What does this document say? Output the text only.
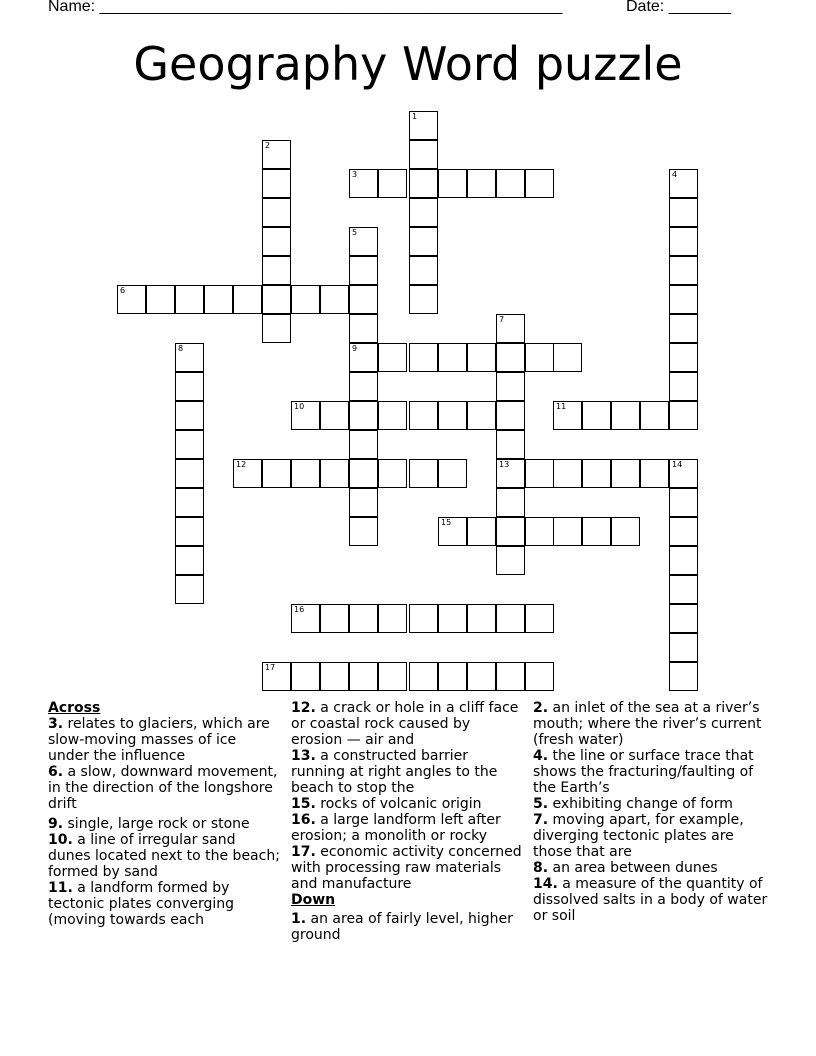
Name: ____________________________________________________	Date: _______
Geography Word puzzle
1
2
3	4
5
9
6
7
13
8
10	11
12	14
15
16
17
Across

3. relates to glaciers, which are slow-moving masses of ice under the influence

6. a slow, downward movement, in the direction of the longshore drift

9. single, large rock or stone

10. a line of irregular sand dunes located next to the beach; formed by sand

11. a landform formed by tectonic plates converging (moving towards each

12. a crack or hole in a cliff face or coastal rock caused by erosion — air and

13. a constructed barrier running at right angles to the beach to stop the

15. rocks of volcanic origin

16. a large landform left after erosion; a monolith or rocky

17. economic activity concerned with processing raw materials and manufacture

Down

1. an area of fairly level, higher ground

2. an inlet of the sea at a river’s mouth; where the river’s current (fresh water)

4. the line or surface trace that shows the fracturing/faulting of the Earth’s

5. exhibiting change of form

7. moving apart, for example, diverging tectonic plates are those that are

8. an area between dunes

14. a measure of the quantity of dissolved salts in a body of water or soil
